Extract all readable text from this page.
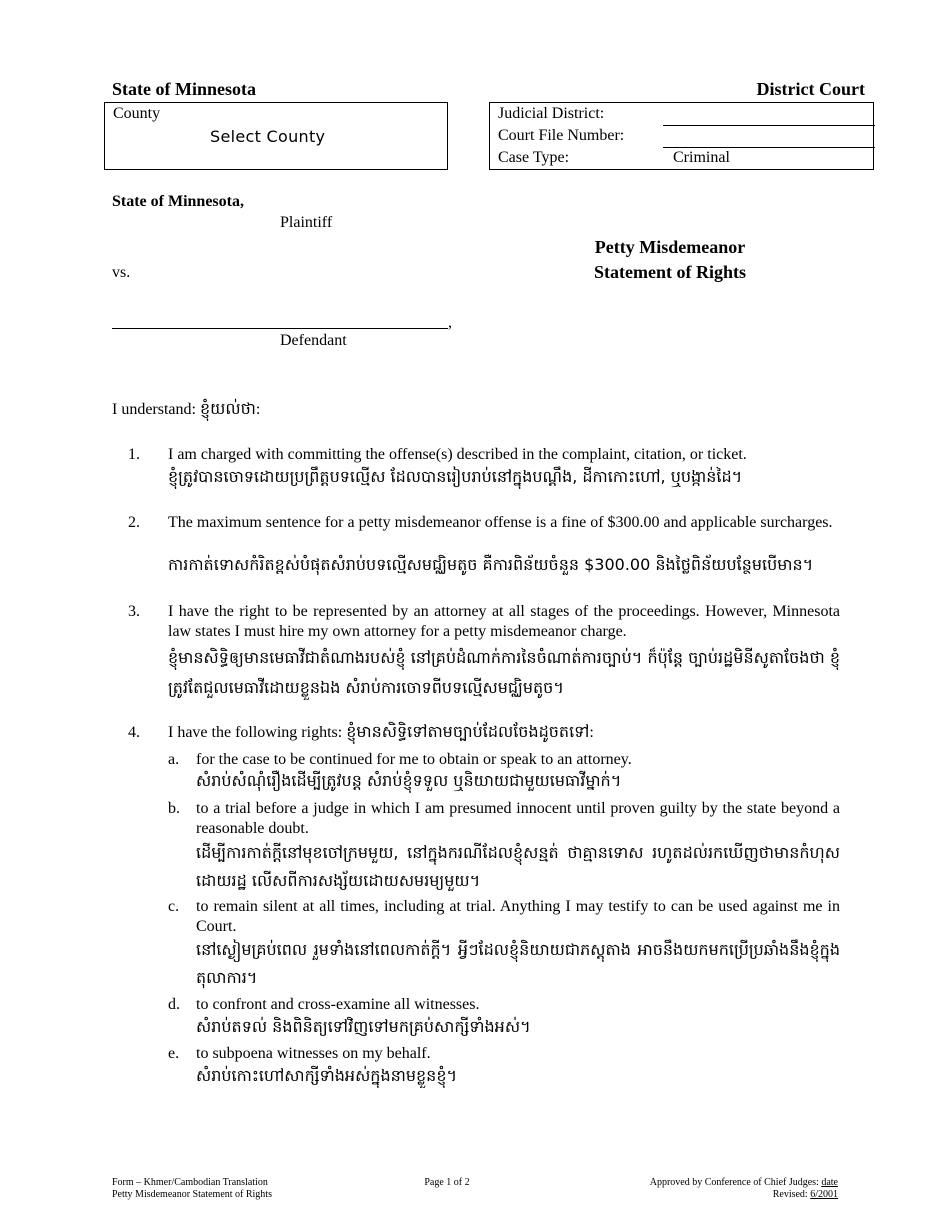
State of Minnesota	District Court
County
Select County
Judicial District:
Court File Number:
Case Type:	Criminal
State of Minnesota,
Plaintiff
Petty Misdemeanor
Statement of Rights
vs.
,
Defendant
I understand: ខ្ញុំយល់ថា:
1. I am charged with committing the offense(s) described in the complaint, citation, or ticket.
ខ្ញុំត្រូវបានចោទដោយប្រព្រឹត្តបទល្មើស ដែលបានរៀបរាប់នៅក្នុងបណ្តឹង, ដីកាកោះហៅ, ឬបង្កាន់ដៃ។
2. The maximum sentence for a petty misdemeanor offense is a fine of $300.00 and applicable surcharges.
ការកាត់ទោសកំរិតខ្ពស់បំផុតសំរាប់បទល្មើសមជ្ឈិមតូច គឺការពិន័យចំនួន $300.00 និងថ្លៃពិន័យបន្ថែមបើមាន។
3. I have the right to be represented by an attorney at all stages of the proceedings. However, Minnesota law states I must hire my own attorney for a petty misdemeanor charge.
ខ្ញុំមានសិទ្ធិឲ្យមានមេធាវីជាតំណាងរបស់ខ្ញុំ នៅគ្រប់ដំណាក់ការនៃចំណាត់ការច្បាប់។ ក៏ប៉ុន្តែ ច្បាប់រដ្ឋមិនីសូតាចែងថា ខ្ញុំត្រូវតែជួលមេធាវីដោយខ្លួនឯង សំរាប់ការចោទពីបទល្មើសមជ្ឈិមតូច។
4. I have the following rights: ខ្ញុំមានសិទ្ធិទៅតាមច្បាប់ដែលចែងដូចតទៅ:
a. for the case to be continued for me to obtain or speak to an attorney.
សំរាប់សំណុំរឿងដើម្បីត្រូវបន្ត សំរាប់ខ្ញុំទទួល ឬនិយាយជាមួយមេធាវីម្នាក់។
b. to a trial before a judge in which I am presumed innocent until proven guilty by the state beyond a reasonable doubt.
ដើម្បីការកាត់ក្តីនៅមុខចៅក្រមមួយ, នៅក្នុងករណីដែលខ្ញុំសន្មត់ ថាគ្មានទោស រហូតដល់រកឃើញថាមានកំហុស ដោយរដ្ឋ លើសពីការសង្ស័យដោយសមរម្យមួយ។
c. to remain silent at all times, including at trial. Anything I may testify to can be used against me in Court.
នៅស្ងៀមគ្រប់ពេល រួមទាំងនៅពេលកាត់ក្តី។ អ្វីៗដែលខ្ញុំនិយាយជាភស្តុតាង អាចនឹងយកមកប្រើប្រឆាំងនឹងខ្ញុំក្នុងតុលាការ។
d. to confront and cross-examine all witnesses.
សំរាប់តទល់ និងពិនិត្យទៅវិញទៅមកគ្រប់សាក្សីទាំងអស់។
e. to subpoena witnesses on my behalf.
សំរាប់កោះហៅសាក្សីទាំងអស់ក្នុងនាមខ្លួនខ្ញុំ។
Form – Khmer/Cambodian Translation
Petty Misdemeanor Statement of Rights
Page 1 of 2	Approved by Conference of Chief Judges: date
Revised: 6/2001
